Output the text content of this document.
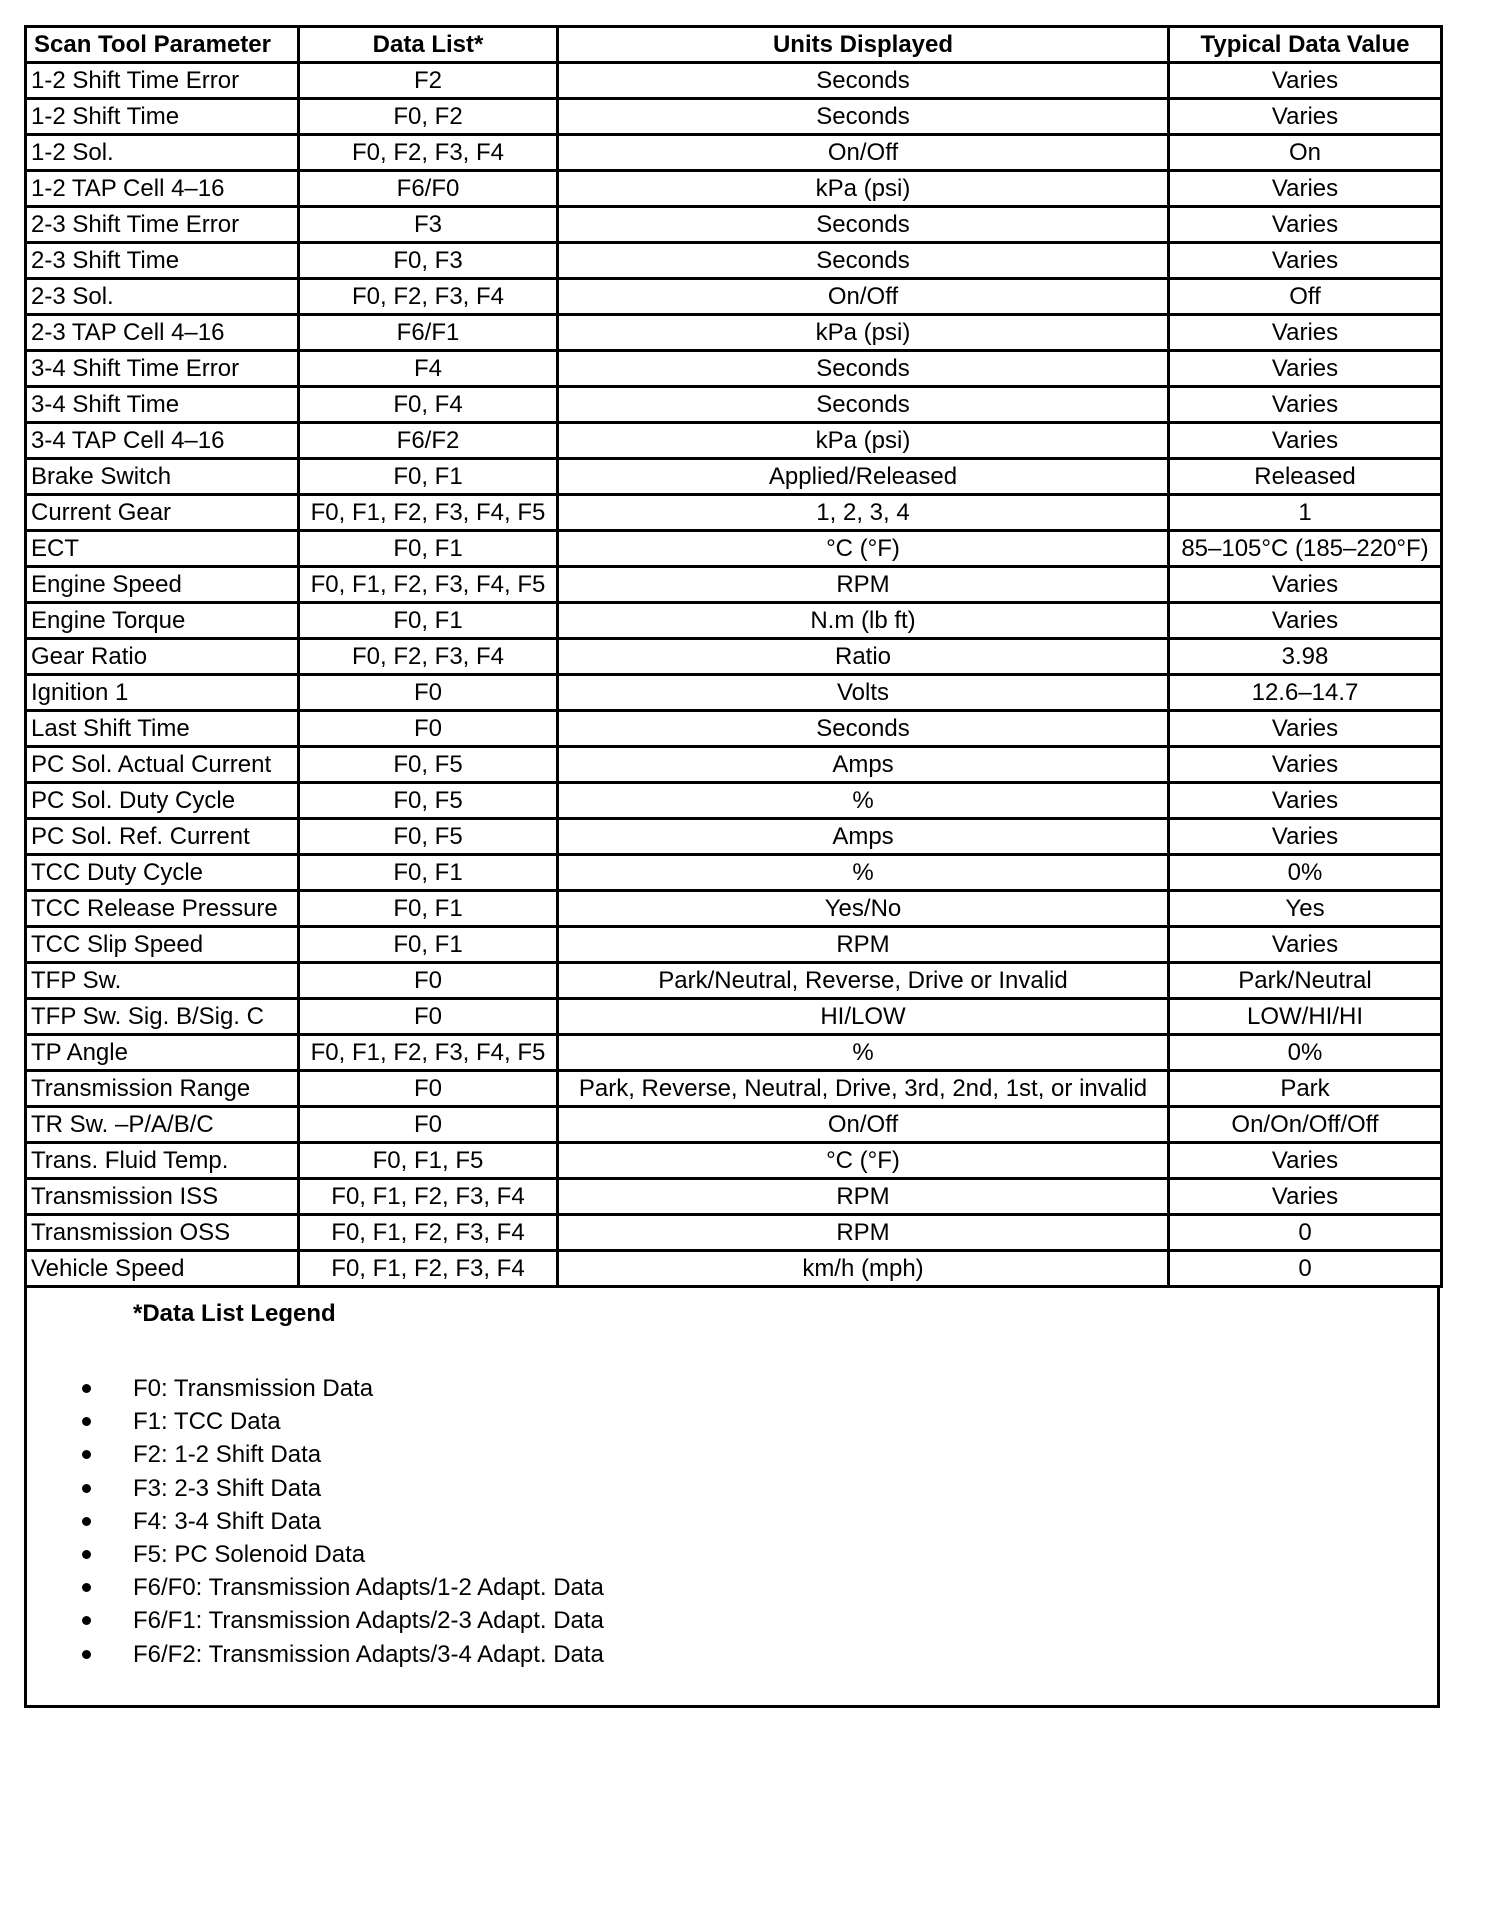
Scan Tool Parameter	Data List*	Units Displayed	Typical Data Value
1-2 Shift Time Error	F2	Seconds	Varies
1-2 Shift Time	F0, F2	Seconds	Varies
1-2 Sol.	F0, F2, F3, F4	On/Off	On
1-2 TAP Cell 4–16	F6/F0	kPa (psi)	Varies
2-3 Shift Time Error	F3	Seconds	Varies
2-3 Shift Time	F0, F3	Seconds	Varies
2-3 Sol.	F0, F2, F3, F4	On/Off	Off
2-3 TAP Cell 4–16	F6/F1	kPa (psi)	Varies
3-4 Shift Time Error	F4	Seconds	Varies
3-4 Shift Time	F0, F4	Seconds	Varies
3-4 TAP Cell 4–16	F6/F2	kPa (psi)	Varies
Brake Switch	F0, F1	Applied/Released	Released
Current Gear	F0, F1, F2, F3, F4, F5	1, 2, 3, 4	1
ECT	F0, F1	°C (°F)	85–105°C (185–220°F)
Engine Speed	F0, F1, F2, F3, F4, F5	RPM	Varies
Engine Torque	F0, F1	N.m (lb ft)	Varies
Gear Ratio	F0, F2, F3, F4	Ratio	3.98
Ignition 1	F0	Volts	12.6–14.7
Last Shift Time	F0	Seconds	Varies
PC Sol. Actual Current	F0, F5	Amps	Varies
PC Sol. Duty Cycle	F0, F5	%	Varies
PC Sol. Ref. Current	F0, F5	Amps	Varies
TCC Duty Cycle	F0, F1	%	0%
TCC Release Pressure	F0, F1	Yes/No	Yes
TCC Slip Speed	F0, F1	RPM	Varies
TFP Sw.	F0	Park/Neutral, Reverse, Drive or Invalid	Park/Neutral
TFP Sw. Sig. B/Sig. C	F0	HI/LOW	LOW/HI/HI
TP Angle	F0, F1, F2, F3, F4, F5	%	0%
Transmission Range	F0	Park, Reverse, Neutral, Drive, 3rd, 2nd, 1st, or invalid	Park
TR Sw. –P/A/B/C	F0	On/Off	On/On/Off/Off
Trans. Fluid Temp.	F0, F1, F5	°C (°F)	Varies
Transmission ISS	F0, F1, F2, F3, F4	RPM	Varies
Transmission OSS	F0, F1, F2, F3, F4	RPM	0
Vehicle Speed	F0, F1, F2, F3, F4	km/h (mph)	0
*Data List Legend
F0: Transmission Data
F1: TCC Data
F2: 1-2 Shift Data
F3: 2-3 Shift Data
F4: 3-4 Shift Data
F5: PC Solenoid Data
F6/F0: Transmission Adapts/1-2 Adapt. Data
F6/F1: Transmission Adapts/2-3 Adapt. Data
F6/F2: Transmission Adapts/3-4 Adapt. Data
